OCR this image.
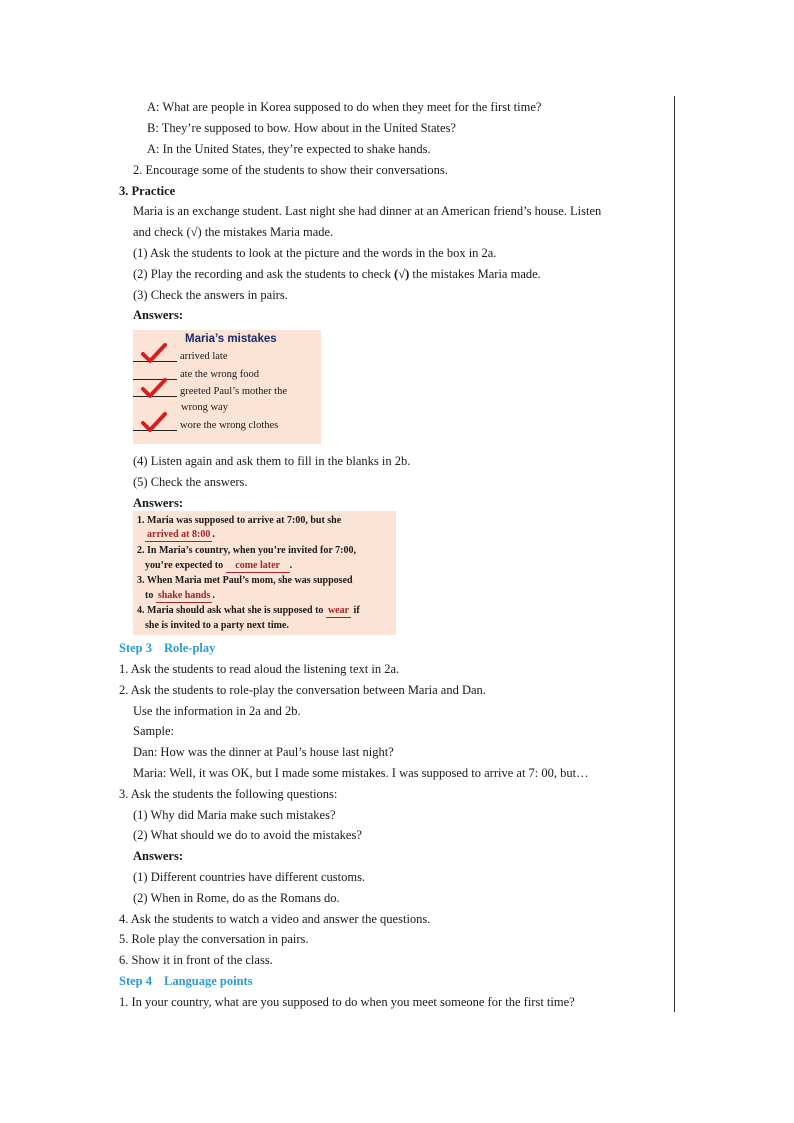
A: What are people in Korea supposed to do when they meet for the first time?
B: They’re supposed to bow. How about in the United States?
A: In the United States, they’re expected to shake hands.
2. Encourage some of the students to show their conversations.
3. Practice
Maria is an exchange student. Last night she had dinner at an American friend’s house. Listen
and check (√) the mistakes Maria made.
(1) Ask the students to look at the picture and the words in the box in 2a.
(2) Play the recording and ask the students to check (√) the mistakes Maria made.
(3) Check the answers in pairs.
Answers:
Maria’s mistakes
arrived late
ate the wrong food
greeted Paul’s mother the
wrong way
wore the wrong clothes
(4) Listen again and ask them to fill in the blanks in 2b.
(5) Check the answers.
Answers:
1. Maria was supposed to arrive at 7:00, but she
arrived at 8:00 .
2. In Maria’s country, when you’re invited for 7:00,
you’re expected to come later .
3. When Maria met Paul’s mom, she was supposed
to shake hands .
4. Maria should ask what she is supposed to wear if
she is invited to a party next time.
Step 3 Role-play
1. Ask the students to read aloud the listening text in 2a.
2. Ask the students to role-play the conversation between Maria and Dan.
Use the information in 2a and 2b.
Sample:
Dan: How was the dinner at Paul’s house last night?
Maria: Well, it was OK, but I made some mistakes. I was supposed to arrive at 7: 00, but…
3. Ask the students the following questions:
(1) Why did Maria make such mistakes?
(2) What should we do to avoid the mistakes?
Answers:
(1) Different countries have different customs.
(2) When in Rome, do as the Romans do.
4. Ask the students to watch a video and answer the questions.
5. Role play the conversation in pairs.
6. Show it in front of the class.
Step 4 Language points
1. In your country, what are you supposed to do when you meet someone for the first time?
